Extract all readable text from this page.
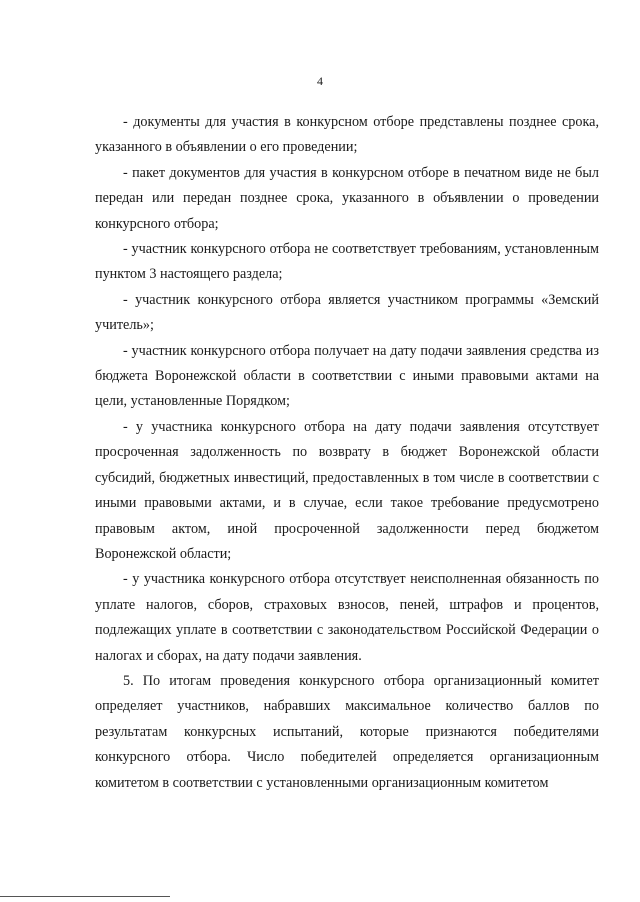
4

- документы для участия в конкурсном отборе представлены позднее срока, указанного в объявлении о его проведении;

- пакет документов для участия в конкурсном отборе в печатном виде не был передан или передан позднее срока, указанного в объявлении о проведении конкурсного отбора;

- участник конкурсного отбора не соответствует требованиям, установленным пунктом 3 настоящего раздела;

- участник конкурсного отбора является участником программы «Земский учитель»;

- участник конкурсного отбора получает на дату подачи заявления средства из бюджета Воронежской области в соответствии с иными правовыми актами на цели, установленные Порядком;

- у участника конкурсного отбора на дату подачи заявления отсутствует просроченная задолженность по возврату в бюджет Воронежской области субсидий, бюджетных инвестиций, предоставленных в том числе в соответствии с иными правовыми актами, и в случае, если такое требование предусмотрено правовым актом, иной просроченной задолженности перед бюджетом Воронежской области;

- у участника конкурсного отбора отсутствует неисполненная обязанность по уплате налогов, сборов, страховых взносов, пеней, штрафов и процентов, подлежащих уплате в соответствии с законодательством Российской Федерации о налогах и сборах, на дату подачи заявления.

5. По итогам проведения конкурсного отбора организационный комитет определяет участников, набравших максимальное количество баллов по результатам конкурсных испытаний, которые признаются победителями конкурсного отбора. Число победителей определяется организационным комитетом в соответствии с установленными организационным комитетом
